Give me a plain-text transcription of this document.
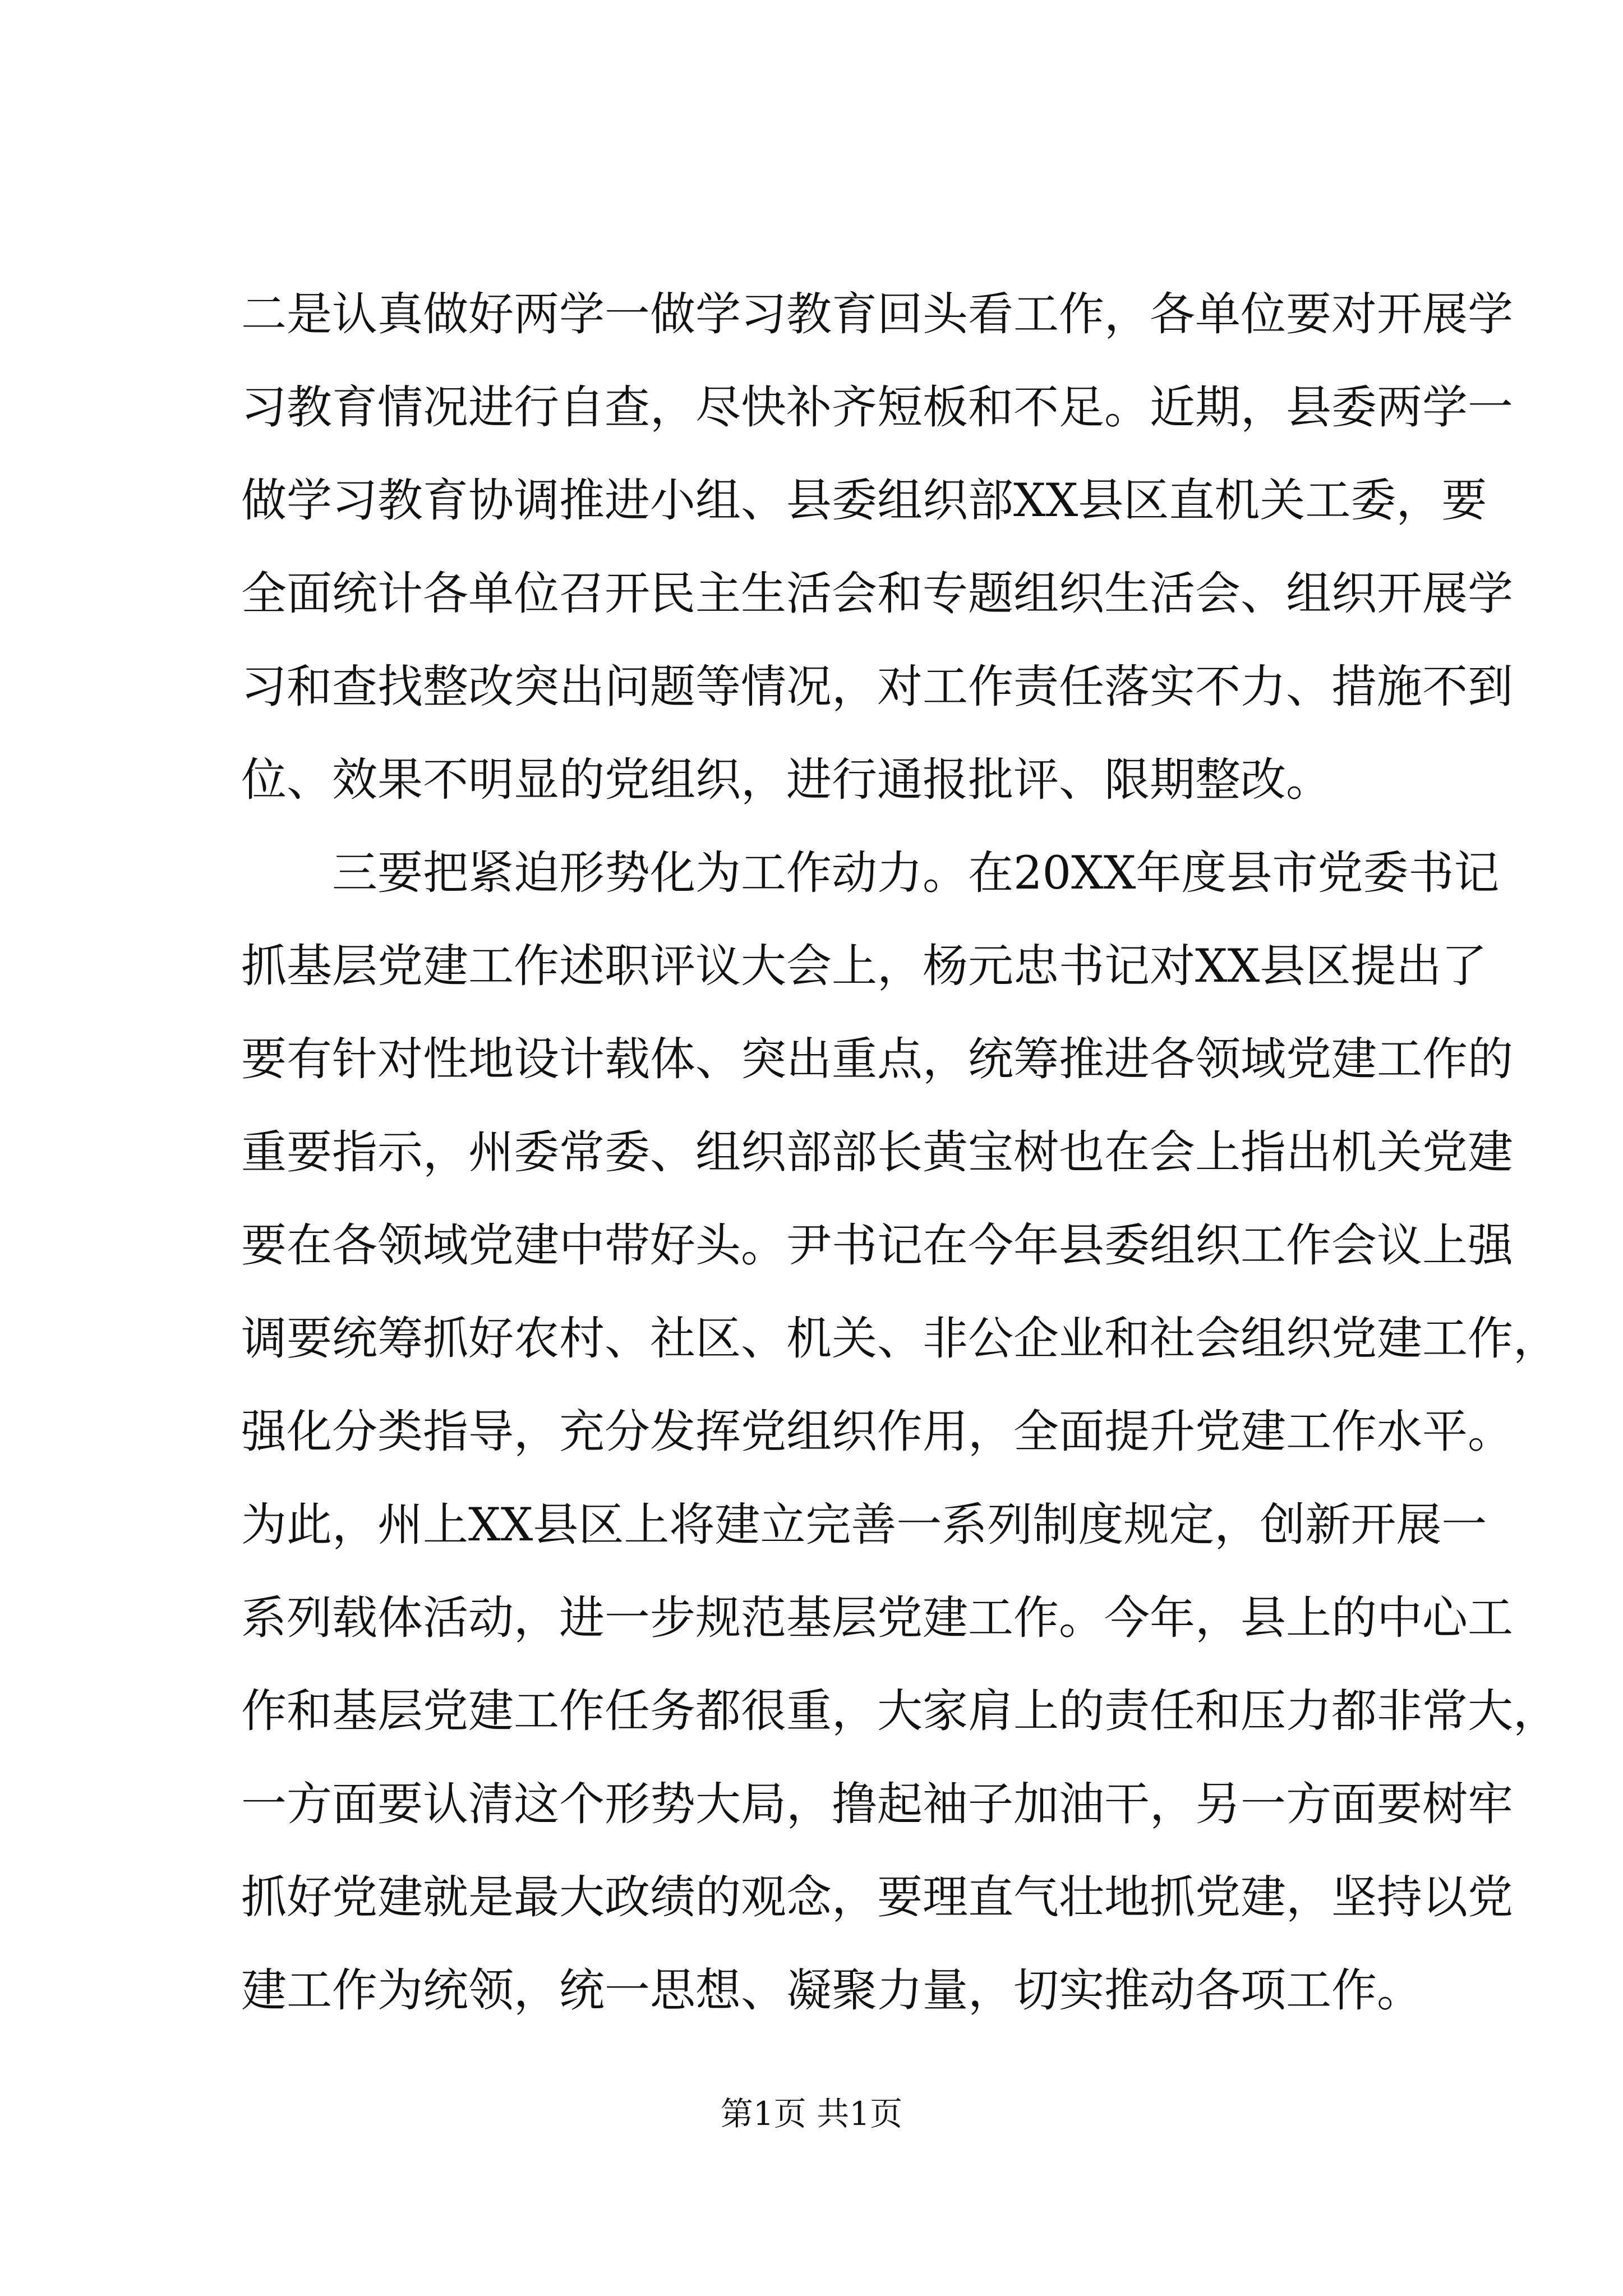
二是认真做好两学一做学习教育回头看工作，各单位要对开展学
习教育情况进行自查，尽快补齐短板和不足。近期，县委两学一
做学习教育协调推进小组、县委组织部XX县区直机关工委，要
全面统计各单位召开民主生活会和专题组织生活会、组织开展学
习和查找整改突出问题等情况，对工作责任落实不力、措施不到
位、效果不明显的党组织，进行通报批评、限期整改。
　　三要把紧迫形势化为工作动力。在20XX年度县市党委书记
抓基层党建工作述职评议大会上，杨元忠书记对XX县区提出了
要有针对性地设计载体、突出重点，统筹推进各领域党建工作的
重要指示，州委常委、组织部部长黄宝树也在会上指出机关党建
要在各领域党建中带好头。尹书记在今年县委组织工作会议上强
调要统筹抓好农村、社区、机关、非公企业和社会组织党建工作，
强化分类指导，充分发挥党组织作用，全面提升党建工作水平。
为此，州上XX县区上将建立完善一系列制度规定，创新开展一
系列载体活动，进一步规范基层党建工作。今年，县上的中心工
作和基层党建工作任务都很重，大家肩上的责任和压力都非常大，
一方面要认清这个形势大局，撸起袖子加油干，另一方面要树牢
抓好党建就是最大政绩的观念，要理直气壮地抓党建，坚持以党
建工作为统领，统一思想、凝聚力量，切实推动各项工作。
第1页 共1页
